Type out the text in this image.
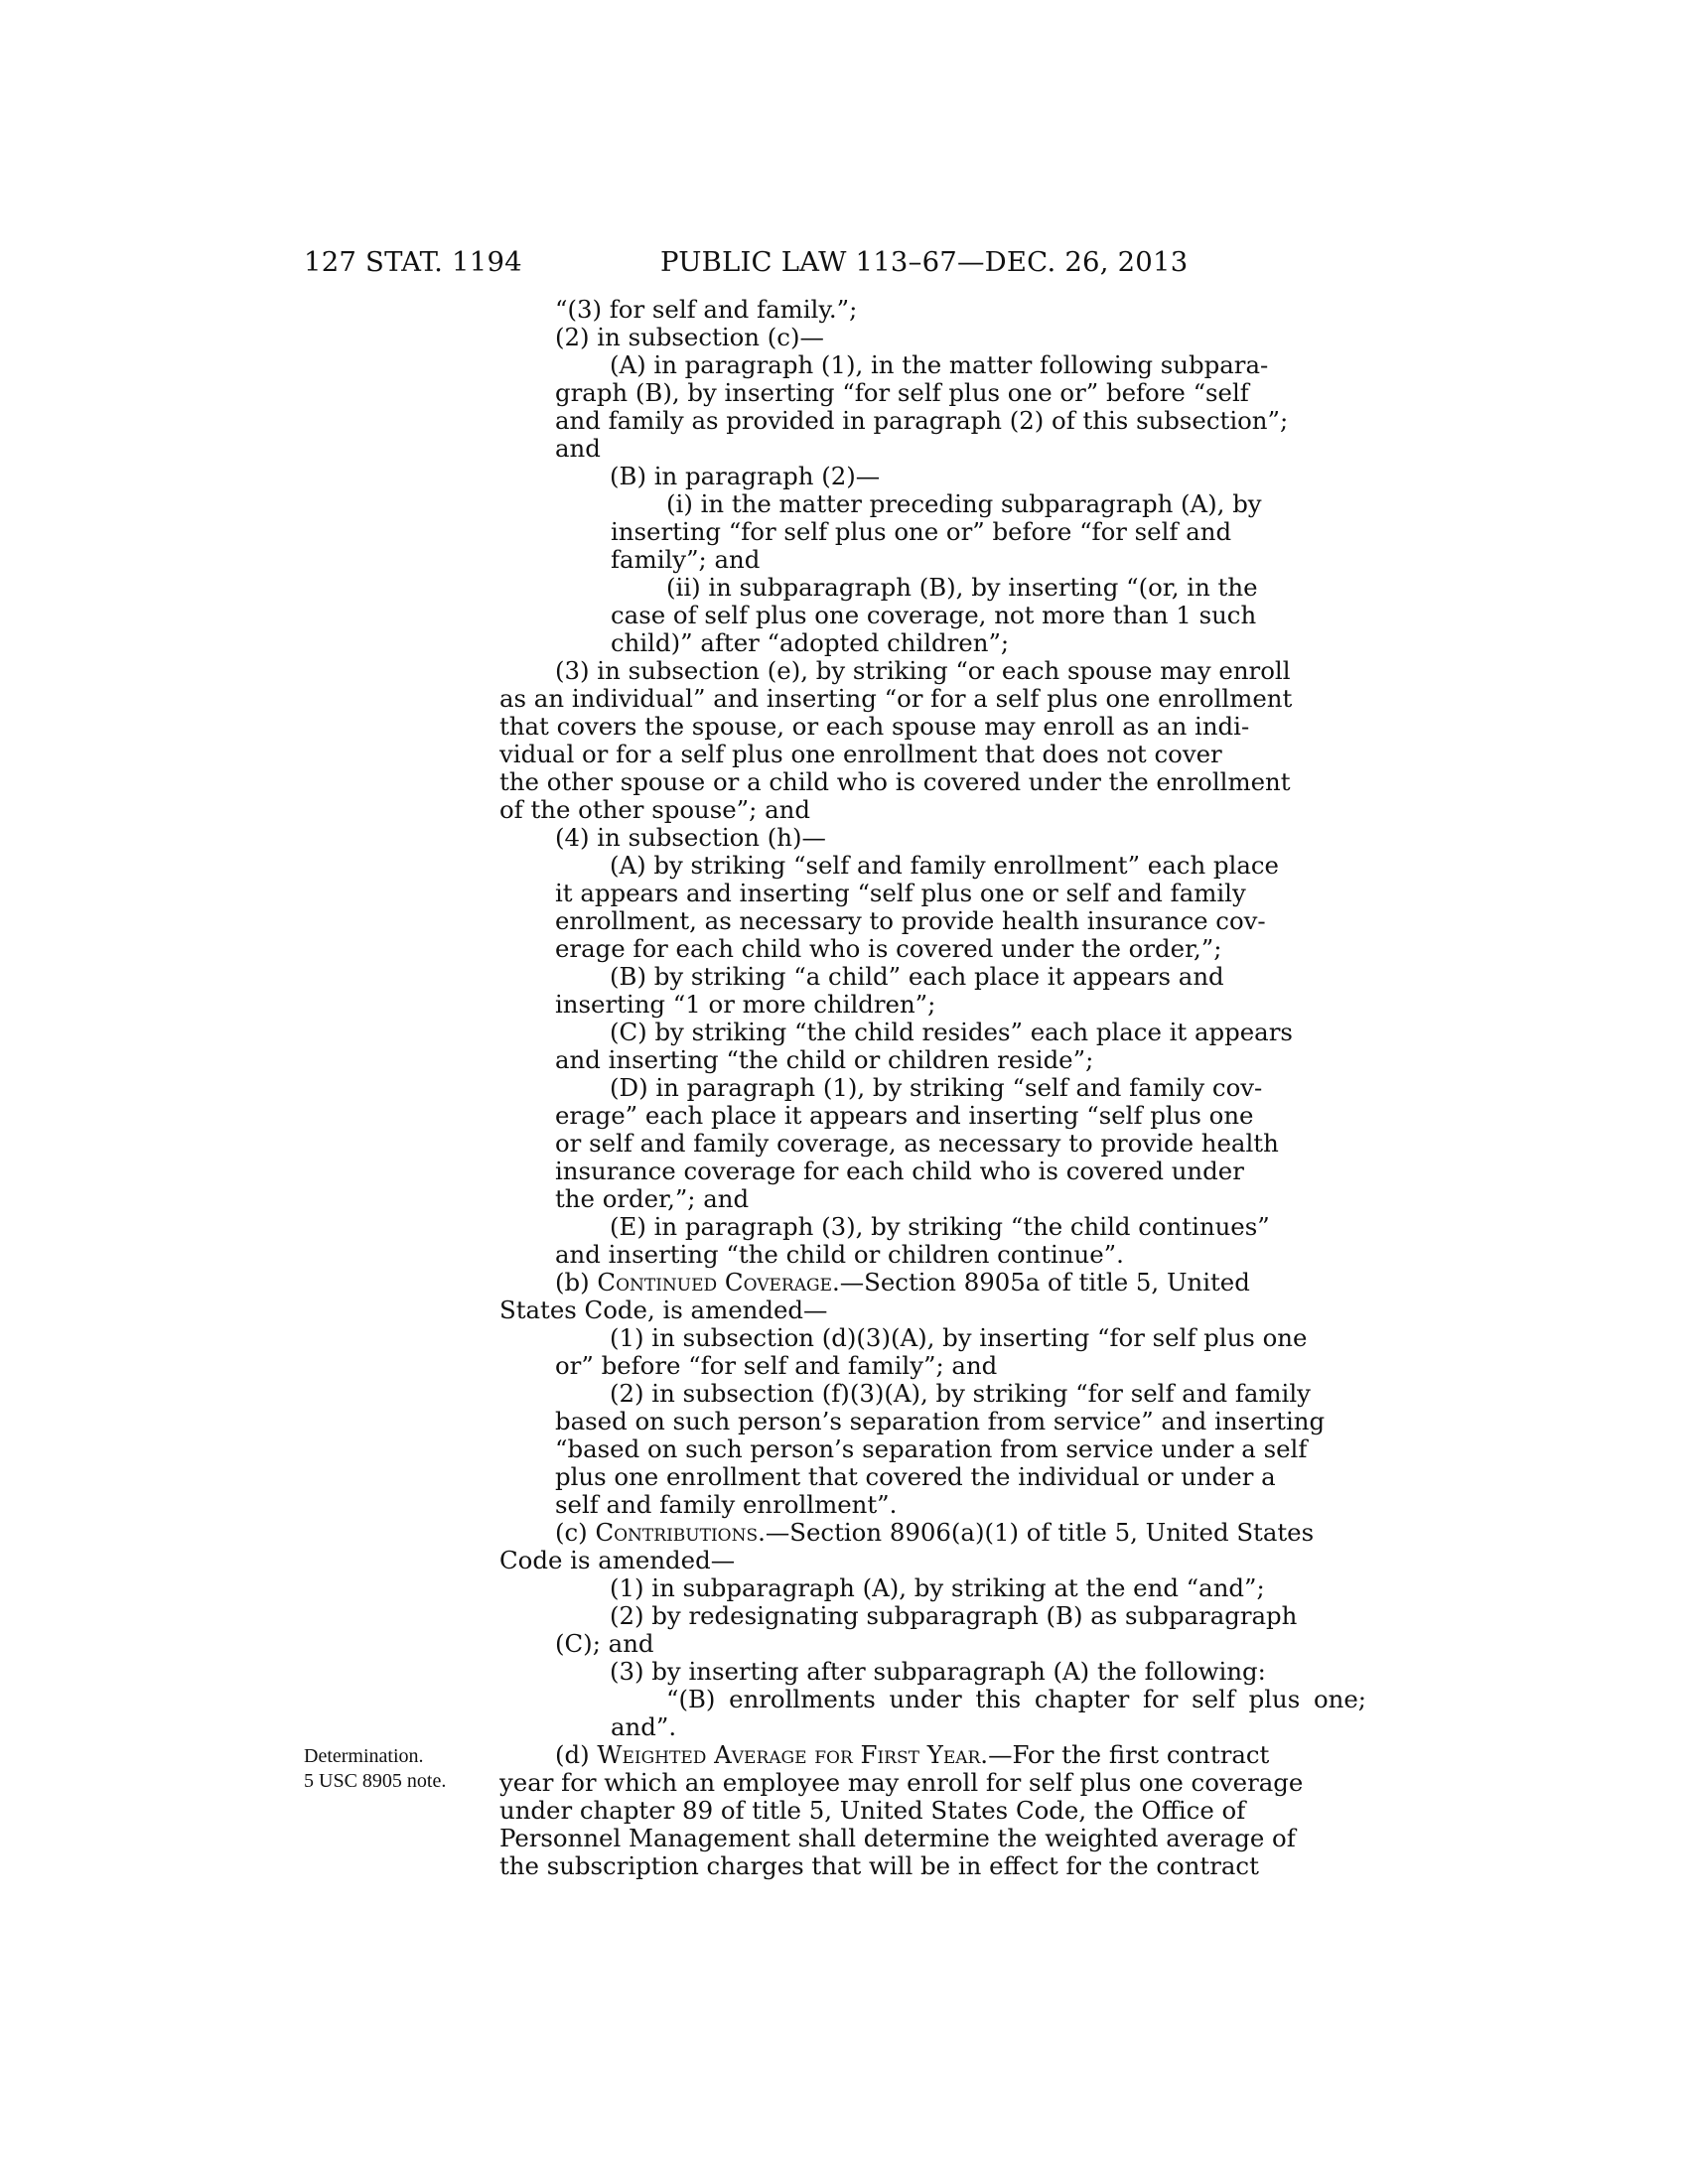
127 STAT. 1194	PUBLIC LAW 113–67—DEC. 26, 2013
Determination.
5 USC 8905 note.

“(3) for self and family.”;

(2) in subsection (c)—

(A) in paragraph (1), in the matter following subpara-
graph (B), by inserting “for self plus one or” before “self
and family as provided in paragraph (2) of this subsection”;
and

(B) in paragraph (2)—

(i) in the matter preceding subparagraph (A), by
inserting “for self plus one or” before “for self and
family”; and

(ii) in subparagraph (B), by inserting “(or, in the
case of self plus one coverage, not more than 1 such
child)” after “adopted children”;

(3) in subsection (e), by striking “or each spouse may enroll
as an individual” and inserting “or for a self plus one enrollment
that covers the spouse, or each spouse may enroll as an indi-
vidual or for a self plus one enrollment that does not cover
the other spouse or a child who is covered under the enrollment
of the other spouse”; and

(4) in subsection (h)—

(A) by striking “self and family enrollment” each place
it appears and inserting “self plus one or self and family
enrollment, as necessary to provide health insurance cov-
erage for each child who is covered under the order,”;

(B) by striking “a child” each place it appears and
inserting “1 or more children”;

(C) by striking “the child resides” each place it appears
and inserting “the child or children reside”;

(D) in paragraph (1), by striking “self and family cov-
erage” each place it appears and inserting “self plus one
or self and family coverage, as necessary to provide health
insurance coverage for each child who is covered under
the order,”; and

(E) in paragraph (3), by striking “the child continues”
and inserting “the child or children continue”.

(b) Continued Coverage.—Section 8905a of title 5, United
States Code, is amended—

(1) in subsection (d)(3)(A), by inserting “for self plus one
or” before “for self and family”; and

(2) in subsection (f)(3)(A), by striking “for self and family
based on such person’s separation from service” and inserting
“based on such person’s separation from service under a self
plus one enrollment that covered the individual or under a
self and family enrollment”.

(c) Contributions.—Section 8906(a)(1) of title 5, United States
Code is amended—

(1) in subparagraph (A), by striking at the end “and”;

(2) by redesignating subparagraph (B) as subparagraph
(C); and

(3) by inserting after subparagraph (A) the following:

“(B) enrollments under this chapter for self plus one; and”.

(d) Weighted Average for First Year.—For the first contract
year for which an employee may enroll for self plus one coverage
under chapter 89 of title 5, United States Code, the Office of
Personnel Management shall determine the weighted average of
the subscription charges that will be in effect for the contract
